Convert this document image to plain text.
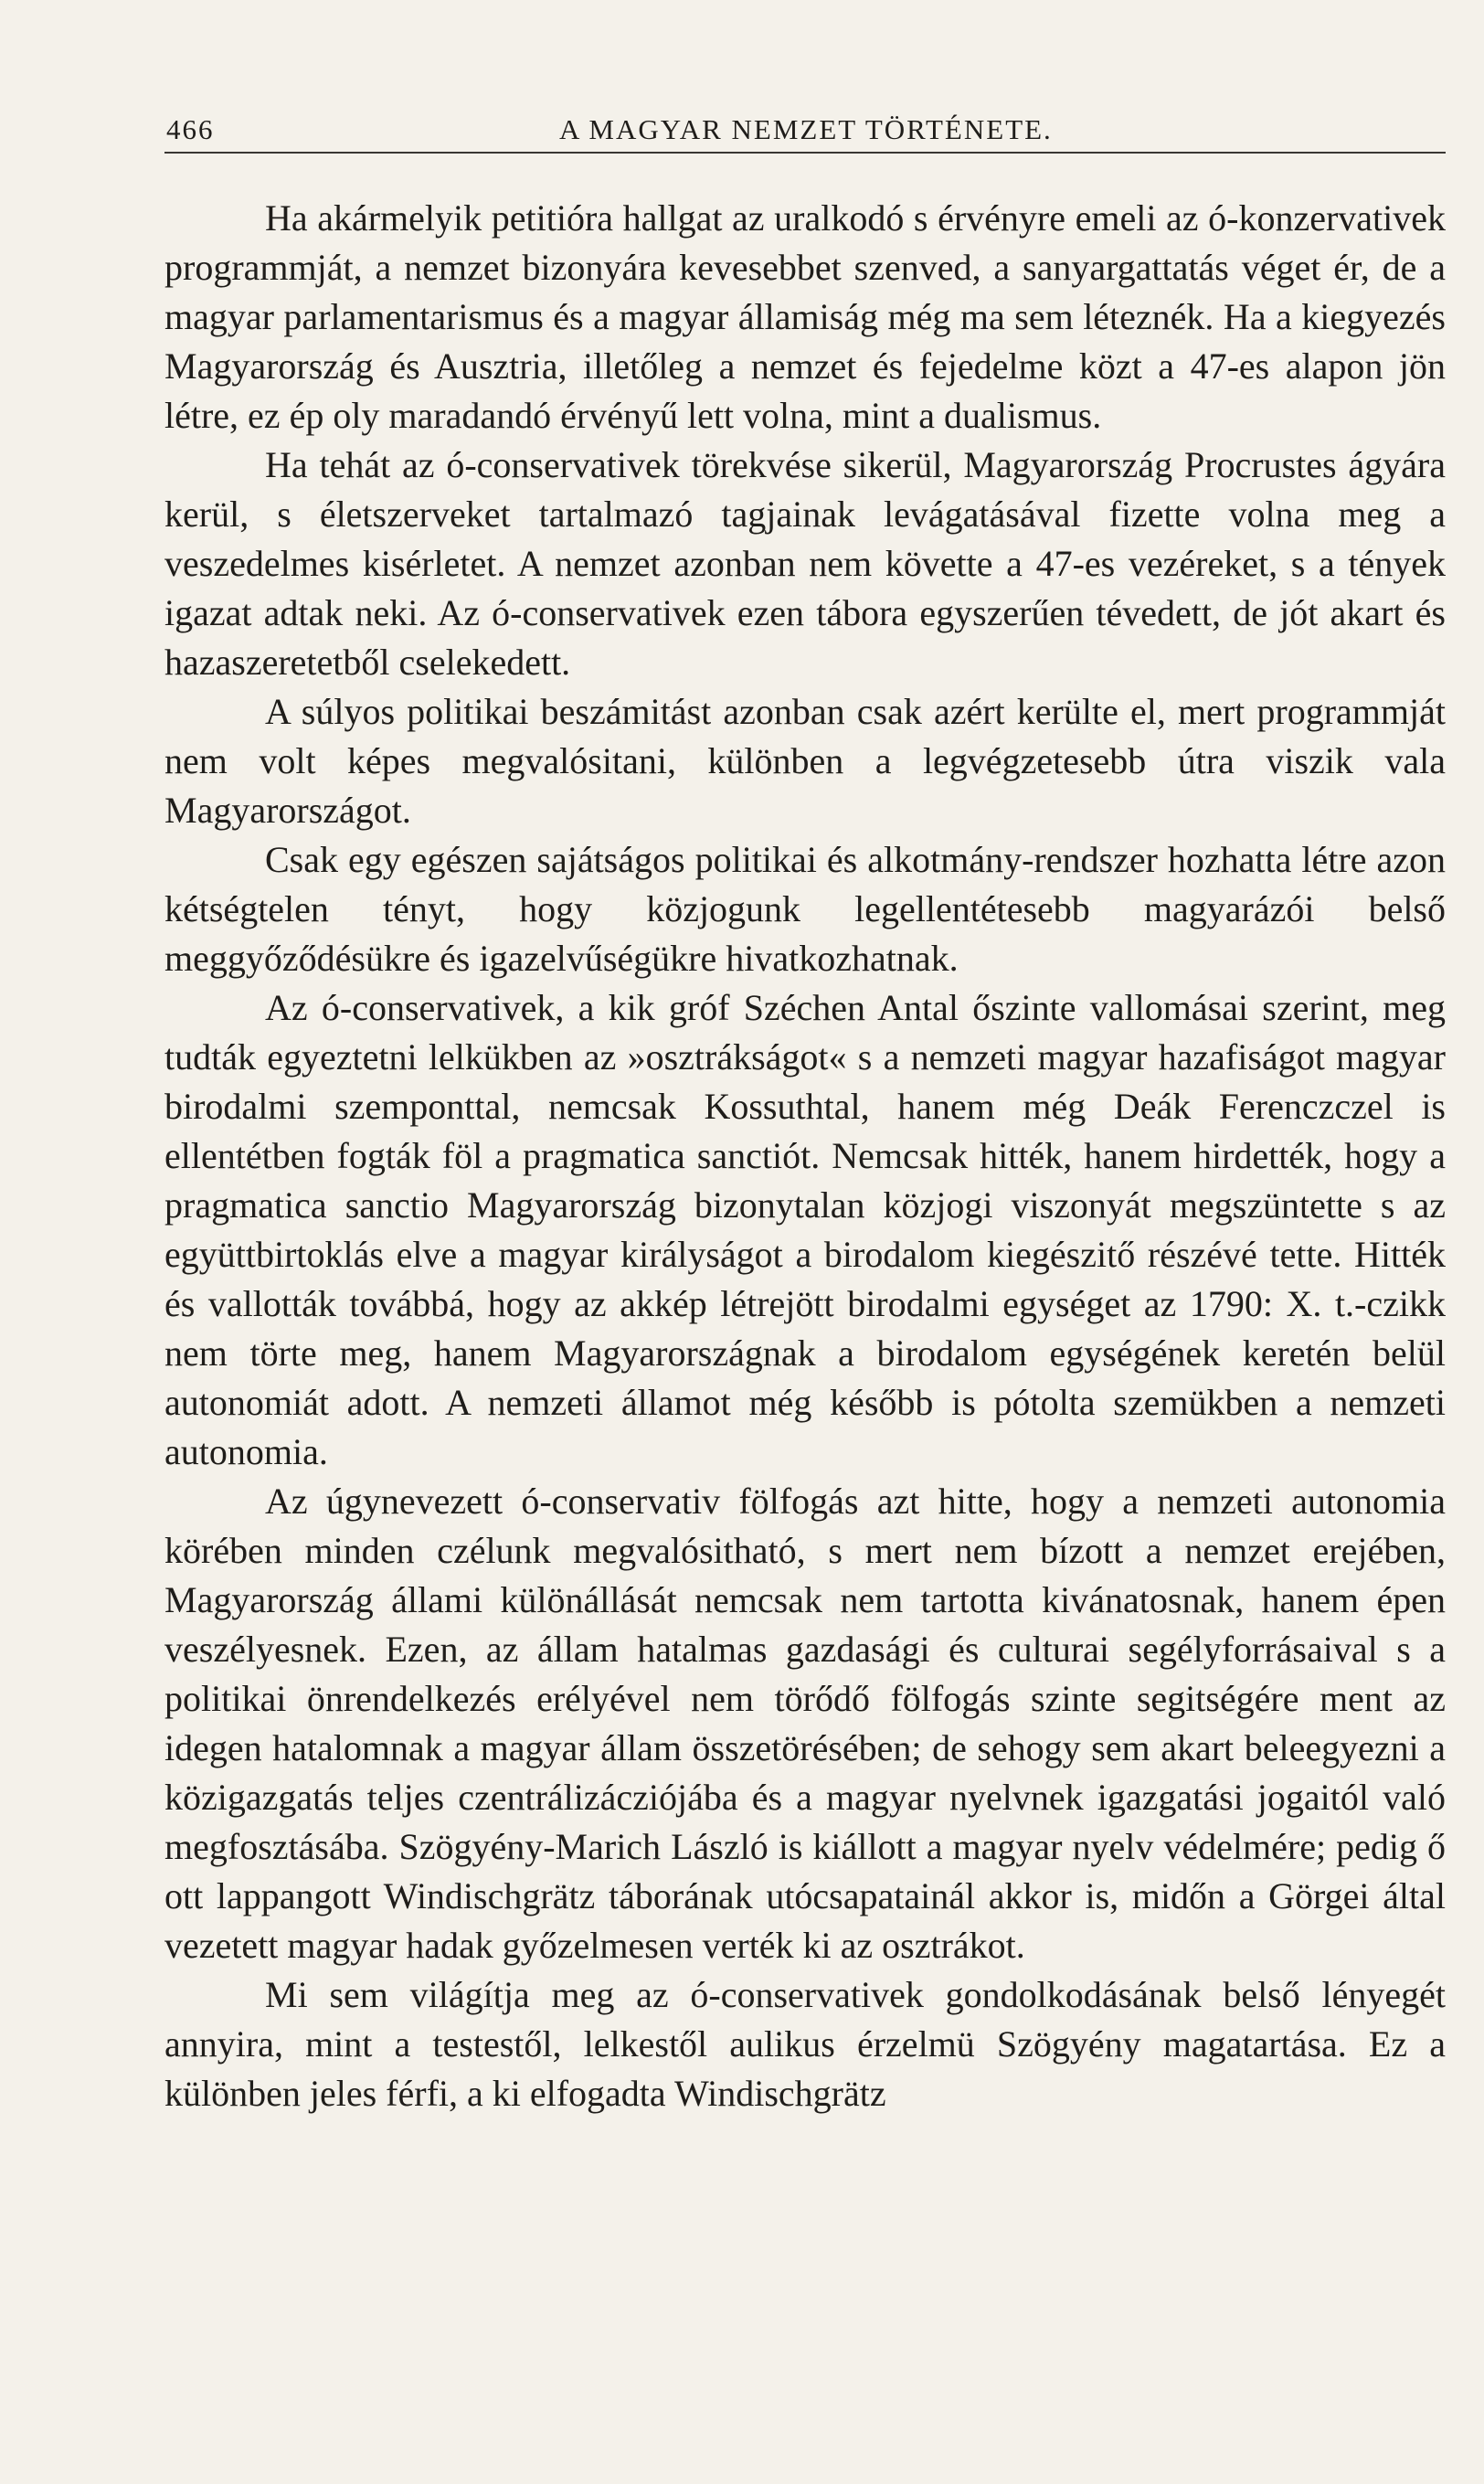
466	A MAGYAR NEMZET TÖRTÉNETE.

Ha akármelyik petitióra hallgat az uralkodó s érvényre emeli az ó-konzervativek programmját, a nemzet bizonyára kevesebbet szenved, a sanyargattatás véget ér, de a magyar parlamentarismus és a magyar államiság még ma sem léteznék. Ha a kiegyezés Magyarország és Ausztria, illetőleg a nemzet és fejedelme közt a 47-es alapon jön létre, ez ép oly maradandó érvényű lett volna, mint a dualismus.

Ha tehát az ó-conservativek törekvése sikerül, Magyarország Procrustes ágyára kerül, s életszerveket tartalmazó tagjainak levágatásával fizette volna meg a veszedelmes kisérletet. A nemzet azonban nem követte a 47-es vezéreket, s a tények igazat adtak neki. Az ó-conservativek ezen tábora egyszerűen tévedett, de jót akart és hazaszeretetből cselekedett.

A súlyos politikai beszámitást azonban csak azért kerülte el, mert programmját nem volt képes megvalósitani, különben a legvégzetesebb útra viszik vala Magyarországot.

Csak egy egészen sajátságos politikai és alkotmány-rendszer hozhatta létre azon kétségtelen tényt, hogy közjogunk legellentétesebb magyarázói belső meggyőződésükre és igazelvűségükre hivatkozhatnak.

Az ó-conservativek, a kik gróf Széchen Antal őszinte vallomásai szerint, meg tudták egyeztetni lelkükben az »osztrákságot« s a nemzeti magyar hazafiságot magyar birodalmi szemponttal, nemcsak Kossuthtal, hanem még Deák Ferenczczel is ellentétben fogták föl a pragmatica sanctiót. Nemcsak hitték, hanem hirdették, hogy a pragmatica sanctio Magyarország bizonytalan közjogi viszonyát megszüntette s az együttbirtoklás elve a magyar királyságot a birodalom kiegészitő részévé tette. Hitték és vallották továbbá, hogy az akkép létrejött birodalmi egységet az 1790: X. t.-czikk nem törte meg, hanem Magyarországnak a birodalom egységének keretén belül autonomiát adott. A nemzeti államot még később is pótolta szemükben a nemzeti autonomia.

Az úgynevezett ó-conservativ fölfogás azt hitte, hogy a nemzeti autonomia körében minden czélunk megvalósitható, s mert nem bízott a nemzet erejében, Magyarország állami különállását nemcsak nem tartotta kivánatosnak, hanem épen veszélyesnek. Ezen, az állam hatalmas gazdasági és culturai segélyforrásaival s a politikai önrendelkezés erélyével nem törődő fölfogás szinte segitségére ment az idegen hatalomnak a magyar állam összetörésében; de sehogy sem akart beleegyezni a közigazgatás teljes czentrálizácziójába és a magyar nyelvnek igazgatási jogaitól való megfosztásába. Szögyény-Marich László is kiállott a magyar nyelv védelmére; pedig ő ott lappangott Windischgrätz táborának utócsapatainál akkor is, midőn a Görgei által vezetett magyar hadak győzelmesen verték ki az osztrákot.

Mi sem világítja meg az ó-conservativek gondolkodásának belső lényegét annyira, mint a testestől, lelkestől aulikus érzelmü Szögyény magatartása. Ez a különben jeles férfi, a ki elfogadta Windischgrätz
